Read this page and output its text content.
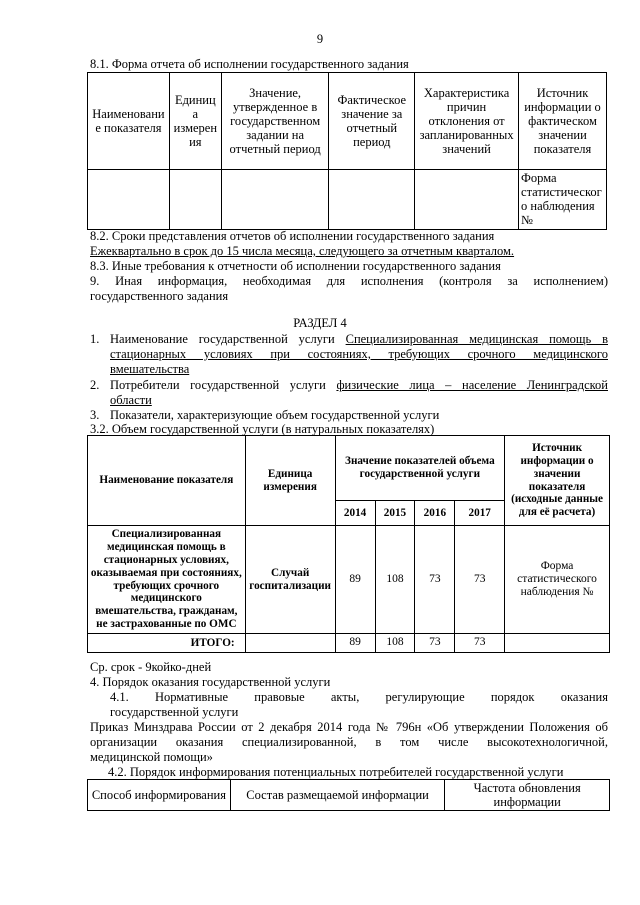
9
8.1. Форма отчета об исполнении государственного задания
Наименовани е показателя	Единиц а измерен ия	Значение, утвержденное в государственном задании на отчетный период	Фактическое значение за отчетный период	Характеристика причин отклонения от запланированных значений	Источник информации о фактическом значении показателя
					Форма статистическог о наблюдения №
8.2. Сроки представления отчетов об исполнении государственного задания
Ежеквартально в срок до 15 числа месяца, следующего за отчетным кварталом.
8.3. Иные требования к отчетности об исполнении государственного задания
9. Иная информация, необходимая для исполнения (контроля за исполнением)
государственного задания
РАЗДЕЛ 4
1. Наименование государственной услуги Специализированная медицинская помощь в
стационарных условиях при состояниях, требующих срочного медицинского
вмешательства
2. Потребители государственной услуги физические лица – население Ленинградской
области
3. Показатели, характеризующие объем государственной услуги
3.2. Объем государственной услуги (в натуральных показателях)
Наименование показателя	Единица измерения	Значение показателей объема государственной услуги				Источник информации о значении показателя (исходные данные для её расчета)
		2014	2015	2016	2017	
Специализированная медицинская помощь в стационарных условиях, оказываемая при состояниях, требующих срочного медицинского вмешательства, гражданам, не застрахованные по ОМС	Случай госпитализации	89	108	73	73	Форма статистического наблюдения №
ИТОГО:		89	108	73	73	
Ср. срок - 9койко-дней
4. Порядок оказания государственной услуги
4.1. Нормативные правовые акты, регулирующие порядок оказания
государственной услуги
Приказ Минздрава России от 2 декабря 2014 года № 796н «Об утверждении Положения об
организации оказания специализированной, в том числе высокотехнологичной,
медицинской помощи»
4.2. Порядок информирования потенциальных потребителей государственной услуги
Способ информирования	Состав размещаемой информации	Частота обновления информации
